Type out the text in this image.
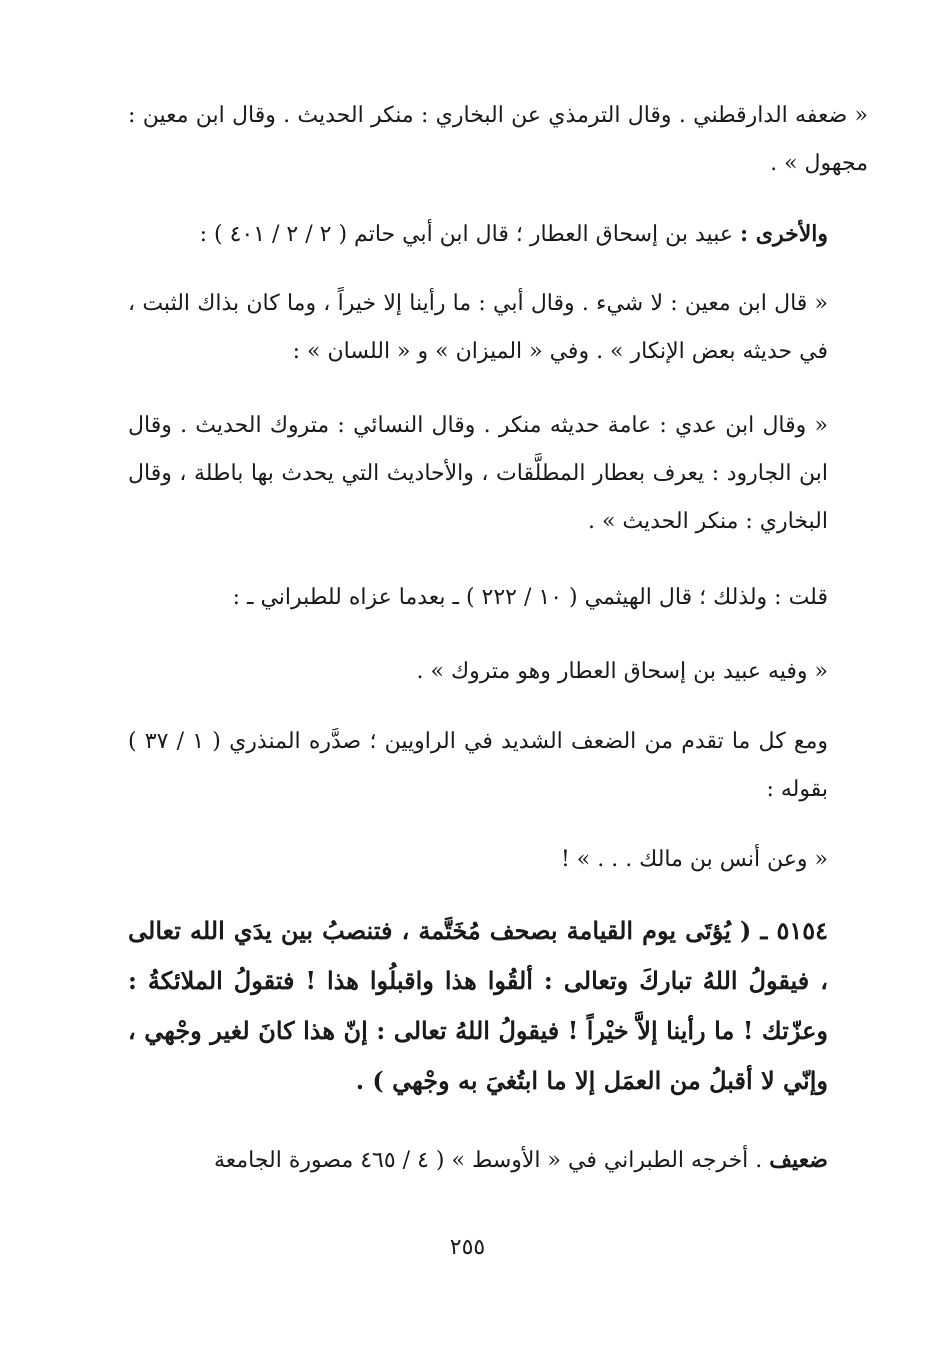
« ضعفه الدارقطني . وقال الترمذي عن البخاري : منكر الحديث . وقال ابن معين : مجهول » .
والأخرى : عبيد بن إسحاق العطار ؛ قال ابن أبي حاتم ( ٢ / ٢ / ٤٠١ ) :
« قال ابن معين : لا شيء . وقال أبي : ما رأينا إلا خيراً ، وما كان بذاك الثبت ، في حديثه بعض الإنكار » . وفي « الميزان » و « اللسان » :
« وقال ابن عدي : عامة حديثه منكر . وقال النسائي : متروك الحديث . وقال ابن الجارود : يعرف بعطار المطلَّقات ، والأحاديث التي يحدث بها باطلة ، وقال البخاري : منكر الحديث » .
قلت : ولذلك ؛ قال الهيثمي ( ١٠ / ٢٢٢ ) ـ بعدما عزاه للطبراني ـ :
« وفيه عبيد بن إسحاق العطار وهو متروك » .
ومع كل ما تقدم من الضعف الشديد في الراويين ؛ صدَّره المنذري ( ١ / ٣٧ ) بقوله :
« وعن أنس بن مالك . . . » !
٥١٥٤ ـ ( يُؤتَى يوم القيامة بصحف مُخَتَّمة ، فتنصبُ بين يدَي الله تعالى ، فيقولُ اللهُ تباركَ وتعالى : ألقُوا هذا واقبلُوا هذا ! فتقولُ الملائكةُ : وعزّتك ! ما رأينا إلاَّ خيْراً ! فيقولُ اللهُ تعالى : إنّ هذا كانَ لغير وجْهي ، وإنّي لا أقبلُ من العمَل إلا ما ابتُغيَ به وجْهي ) .
ضعيف . أخرجه الطبراني في « الأوسط » ( ٤ / ٤٦٥ مصورة الجامعة
٢٥٥
